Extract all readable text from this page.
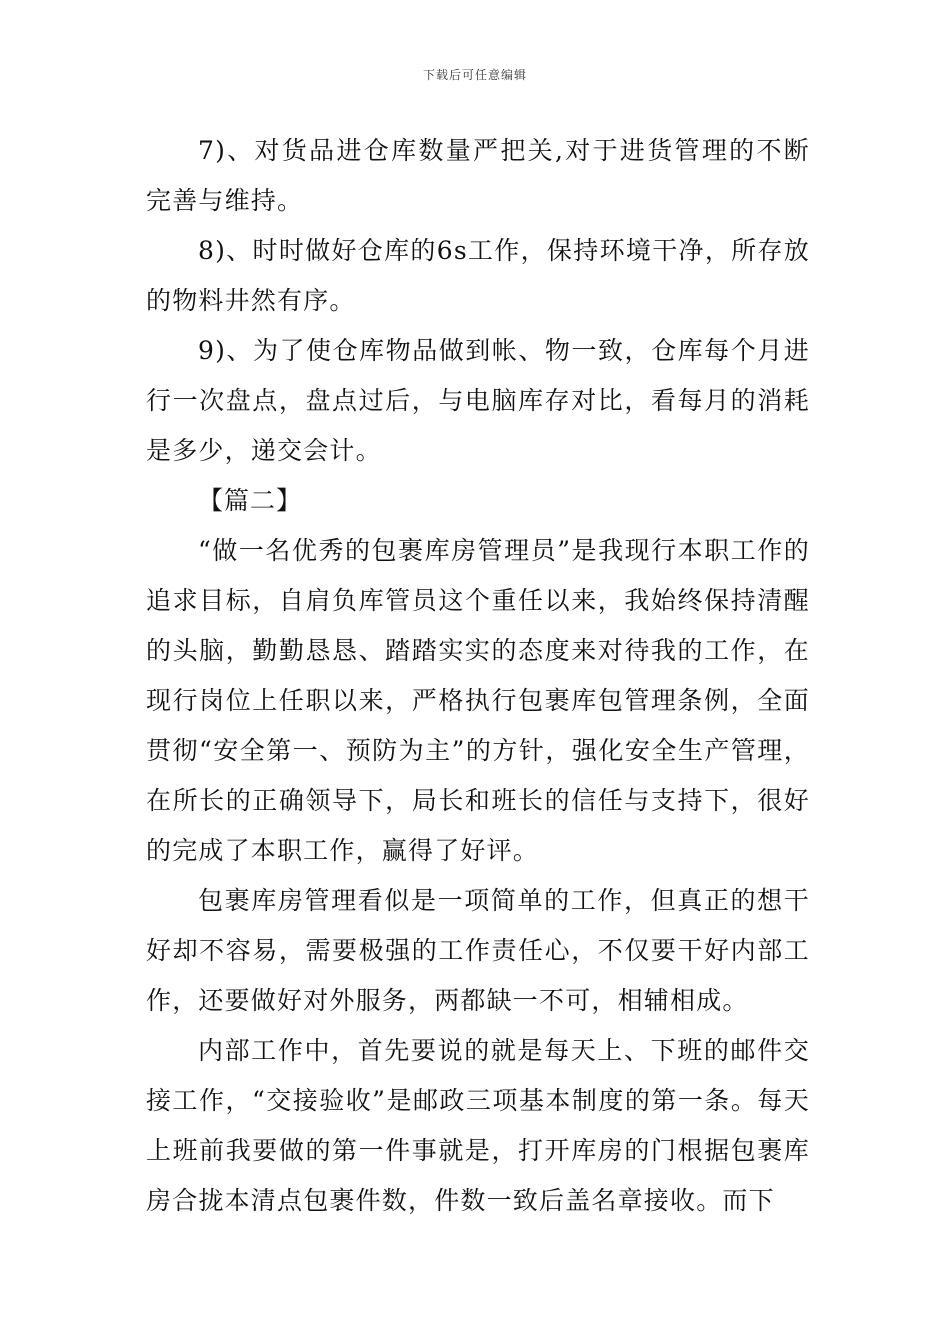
下载后可任意编辑

7)、对货品进仓库数量严把关,对于进货管理的不断完善与维持。

8)、时时做好仓库的6s工作，保持环境干净，所存放的物料井然有序。

9)、为了使仓库物品做到帐、物一致，仓库每个月进行一次盘点，盘点过后，与电脑库存对比，看每月的消耗是多少，递交会计。

【篇二】

“做一名优秀的包裹库房管理员”是我现行本职工作的追求目标，自肩负库管员这个重任以来，我始终保持清醒的头脑，勤勤恳恳、踏踏实实的态度来对待我的工作，在现行岗位上任职以来，严格执行包裹库包管理条例，全面贯彻“安全第一、预防为主”的方针，强化安全生产管理，在所长的正确领导下，局长和班长的信任与支持下，很好的完成了本职工作，赢得了好评。

包裹库房管理看似是一项简单的工作，但真正的想干好却不容易，需要极强的工作责任心，不仅要干好内部工作，还要做好对外服务，两都缺一不可，相辅相成。

内部工作中，首先要说的就是每天上、下班的邮件交接工作，“交接验收”是邮政三项基本制度的第一条。每天上班前我要做的第一件事就是，打开库房的门根据包裹库房合拢本清点包裹件数，件数一致后盖名章接收。而下
